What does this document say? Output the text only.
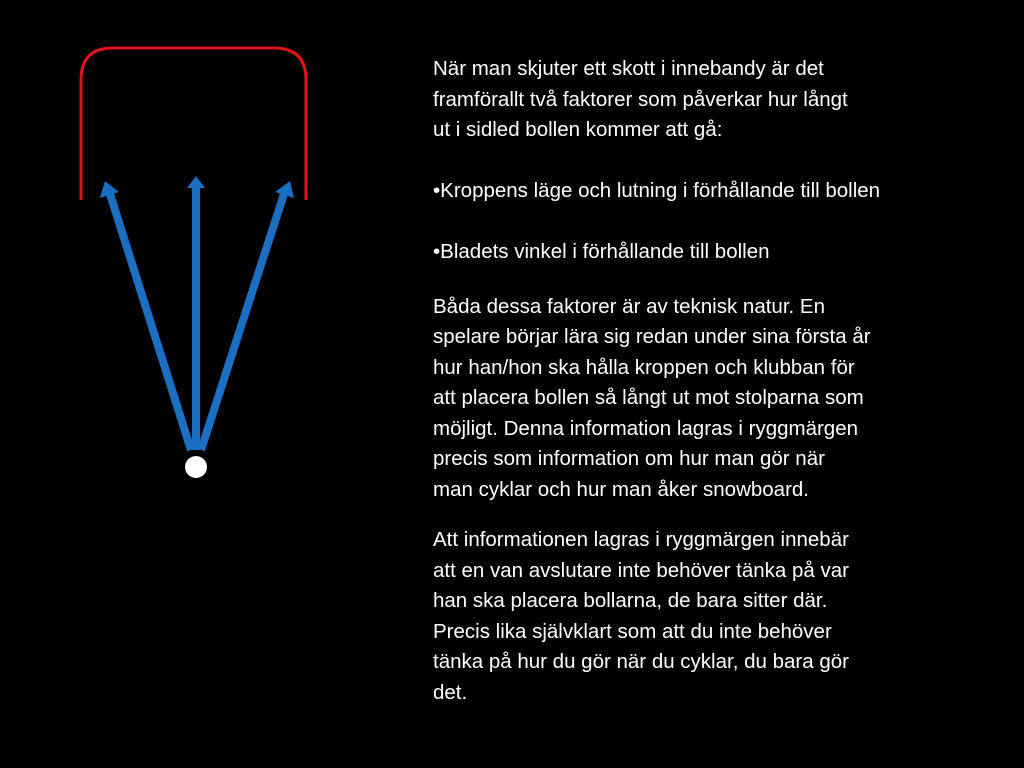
När man skjuter ett skott i innebandy är det
framförallt två faktorer som påverkar hur långt
ut i sidled bollen kommer att gå:

•Kroppens läge och lutning i förhållande till bollen

•Bladets vinkel i förhållande till bollen

Båda dessa faktorer är av teknisk natur. En
spelare börjar lära sig redan under sina första år
hur han/hon ska hålla kroppen och klubban för
att placera bollen så långt ut mot stolparna som
möjligt. Denna information lagras i ryggmärgen
precis som information om hur man gör när
man cyklar och hur man åker snowboard.

Att informationen lagras i ryggmärgen innebär
att en van avslutare inte behöver tänka på var
han ska placera bollarna, de bara sitter där.
Precis lika självklart som att du inte behöver
tänka på hur du gör när du cyklar, du bara gör
det.
